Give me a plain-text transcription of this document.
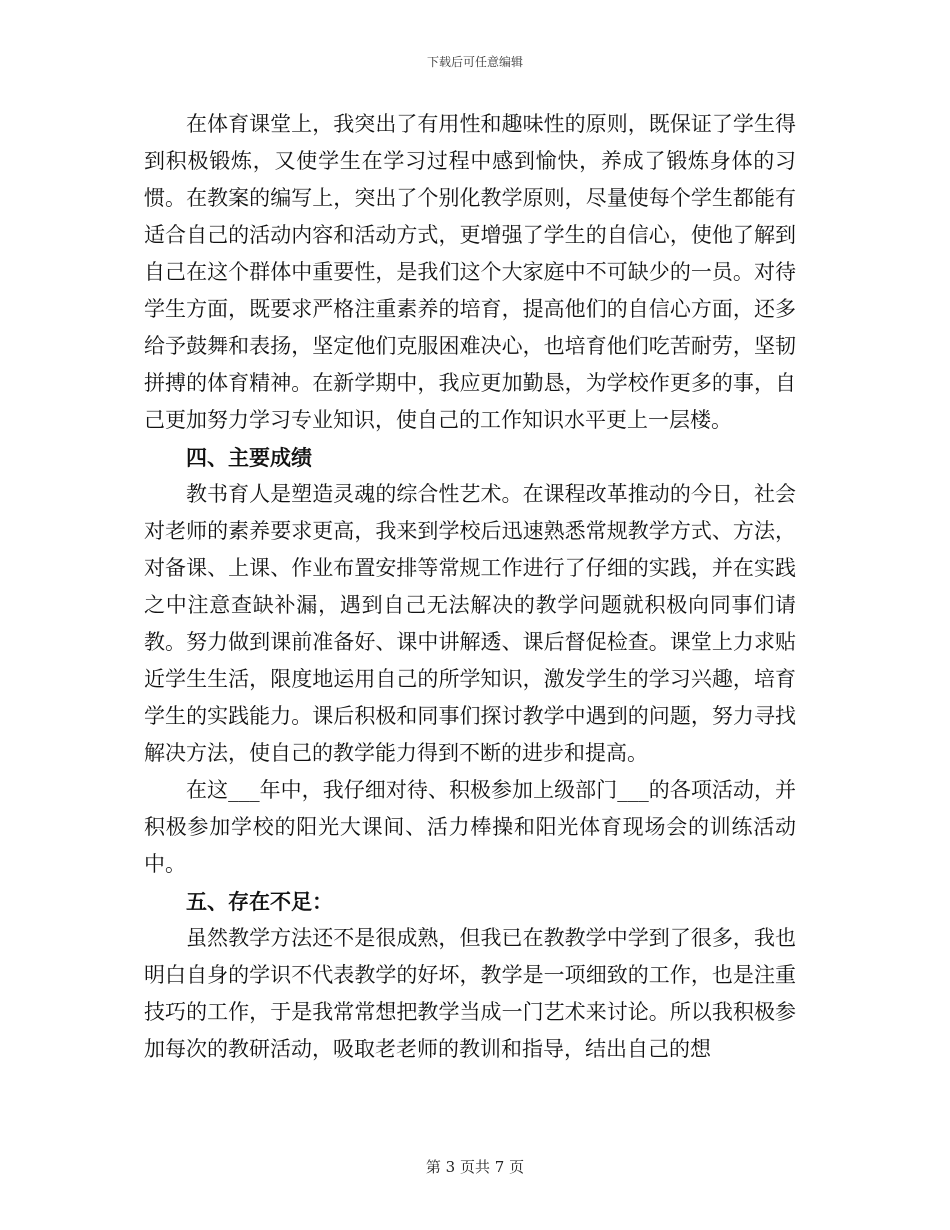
下载后可任意编辑

在体育课堂上，我突出了有用性和趣味性的原则，既保证了学生得到积极锻炼，又使学生在学习过程中感到愉快，养成了锻炼身体的习惯。在教案的编写上，突出了个别化教学原则，尽量使每个学生都能有适合自己的活动内容和活动方式，更增强了学生的自信心，使他了解到自己在这个群体中重要性，是我们这个大家庭中不可缺少的一员。对待学生方面，既要求严格注重素养的培育，提高他们的自信心方面，还多给予鼓舞和表扬，坚定他们克服困难决心，也培育他们吃苦耐劳，坚韧拼搏的体育精神。在新学期中，我应更加勤恳，为学校作更多的事，自己更加努力学习专业知识，使自己的工作知识水平更上一层楼。

四、主要成绩

教书育人是塑造灵魂的综合性艺术。在课程改革推动的今日，社会对老师的素养要求更高，我来到学校后迅速熟悉常规教学方式、方法，对备课、上课、作业布置安排等常规工作进行了仔细的实践，并在实践之中注意查缺补漏，遇到自己无法解决的教学问题就积极向同事们请教。努力做到课前准备好、课中讲解透、课后督促检查。课堂上力求贴近学生生活，限度地运用自己的所学知识，激发学生的学习兴趣，培育学生的实践能力。课后积极和同事们探讨教学中遇到的问题，努力寻找解决方法，使自己的教学能力得到不断的进步和提高。

在这___年中，我仔细对待、积极参加上级部门___的各项活动，并积极参加学校的阳光大课间、活力棒操和阳光体育现场会的训练活动中。

五、存在不足：

虽然教学方法还不是很成熟，但我已在教教学中学到了很多，我也明白自身的学识不代表教学的好坏，教学是一项细致的工作，也是注重技巧的工作，于是我常常想把教学当成一门艺术来讨论。所以我积极参加每次的教研活动，吸取老老师的教训和指导，结出自己的想

第 3 页共 7 页
